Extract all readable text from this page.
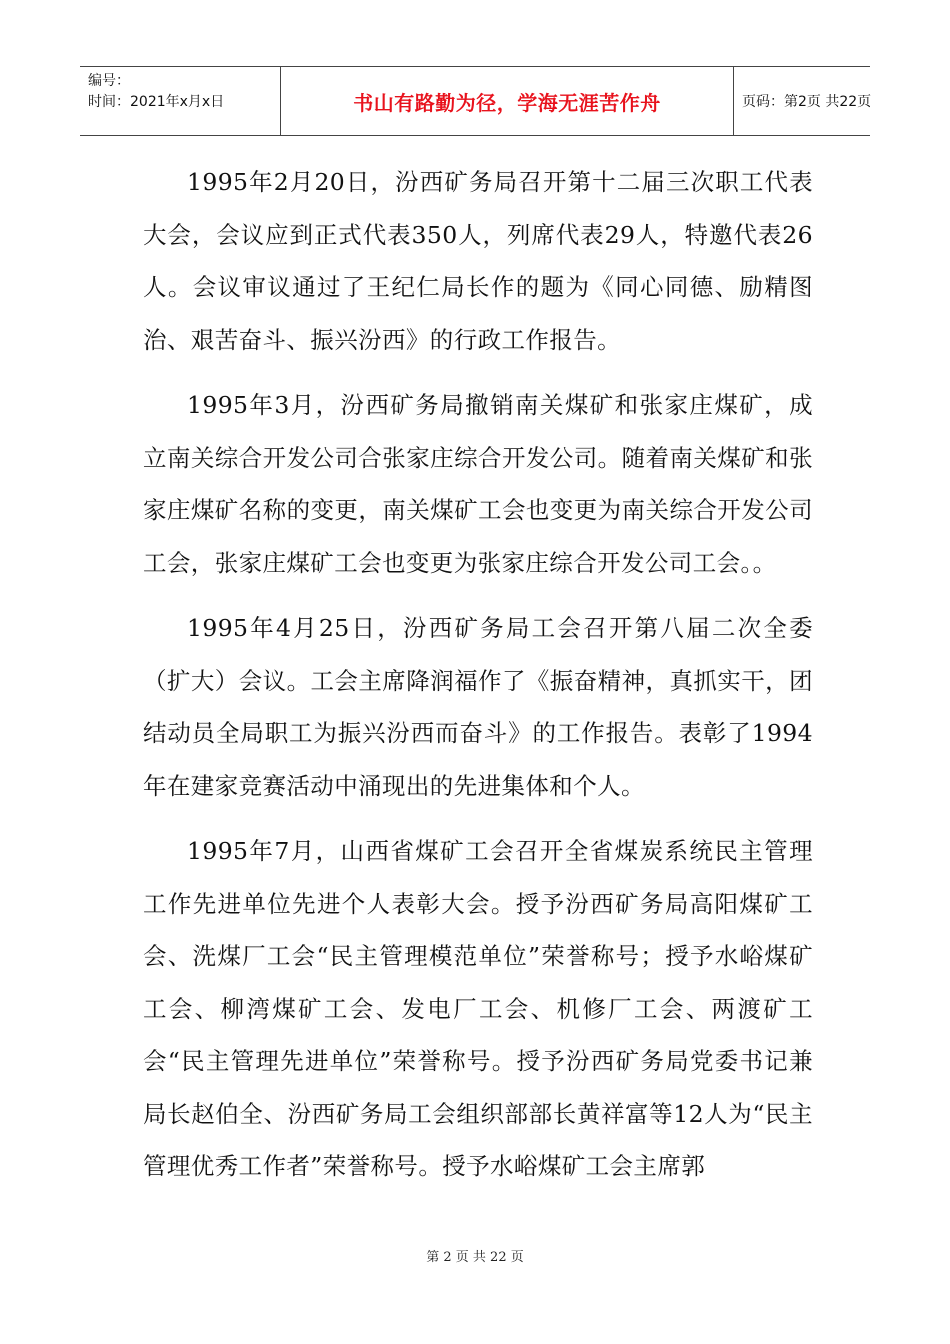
编号：
时间：2021年x月x日	书山有路勤为径，学海无涯苦作舟	页码：第2页 共22页

1995年2月20日，汾西矿务局召开第十二届三次职工代表大会，会议应到正式代表350人，列席代表29人，特邀代表26人。会议审议通过了王纪仁局长作的题为《同心同德、励精图治、艰苦奋斗、振兴汾西》的行政工作报告。

1995年3月，汾西矿务局撤销南关煤矿和张家庄煤矿，成立南关综合开发公司合张家庄综合开发公司。随着南关煤矿和张家庄煤矿名称的变更，南关煤矿工会也变更为南关综合开发公司工会，张家庄煤矿工会也变更为张家庄综合开发公司工会。。

1995年4月25日，汾西矿务局工会召开第八届二次全委（扩大）会议。工会主席降润福作了《振奋精神，真抓实干，团结动员全局职工为振兴汾西而奋斗》的工作报告。表彰了1994年在建家竞赛活动中涌现出的先进集体和个人。

1995年7月，山西省煤矿工会召开全省煤炭系统民主管理工作先进单位先进个人表彰大会。授予汾西矿务局高阳煤矿工会、洗煤厂工会“民主管理模范单位”荣誉称号；授予水峪煤矿工会、柳湾煤矿工会、发电厂工会、机修厂工会、两渡矿工会“民主管理先进单位”荣誉称号。授予汾西矿务局党委书记兼局长赵伯全、汾西矿务局工会组织部部长黄祥富等12人为“民主管理优秀工作者”荣誉称号。授予水峪煤矿工会主席郭

第 2 页 共 22 页
